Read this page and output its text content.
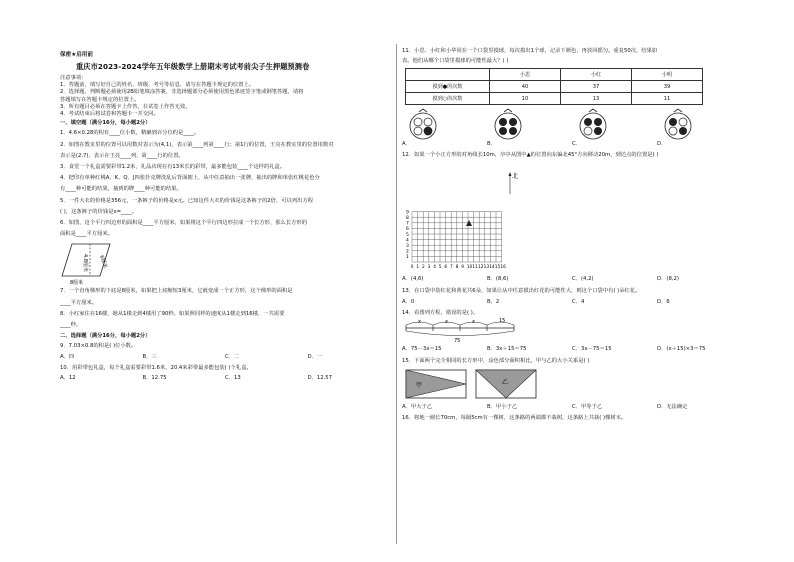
保密★启用前
重庆市2023-2024学年五年级数学上册期末考试考前尖子生押题预测卷
注意事项：
1．答题前，填写好自己的姓名、班级、考号等信息，请写在答题卡规定的位置上。
2．选择题、判断题必须使用2B铅笔填涂答案，非选择题部分必须使用黑色墨迹签字笔或钢笔答题，请将
答题填写在答题卡规定的位置上。
3．所有题目必须在答题卡上作答，在试卷上作答无效。
4．考试结束后将试卷和答题卡一并交回。
一、填空题（满分16分，每小题2分）
1．4.6×0.28的积有____位小数，精确到百分位约是____。
2．如图在教室里的位置可以用数对表示为(4,1)，表示第____列第____行；第1行的位置，王亮在教室里的位置用数对
表示是(2,7)，表示在王亮____列，第____行的位置。
3．食堂一个礼盒需要彩带1.2米，礼品店现在有13米长的彩带，最多能包装____个这样的礼盒。
4．把印有单种红桃A、K、Q、J四张扑克牌洗乱后背面朝上，从中任意抽出一张牌，抽出的牌和单张红桃花色分
有____种可能的结果，抽到的牌____种可能的结果。
5．一件大衣的价格是356元，一条裤子的价格是x元。已知这件大衣的价钱是这条裤子的2倍，可以列出方程
( )，这条裤子的价钱是x=____。
6．如图，这个平行四边形的面积是____平方厘米，如果将这个平行四边形拉成一个长方形，那么长方形的
面积是____平方厘米。
6厘米
4.8厘米
8厘米
7．一个直角梯形的下底是8厘米，如果把上底缩短3厘米，它就变成一个正方形，这个梯形的面积是
____平方厘米。
8．小红家住在16楼，她从1楼走到4楼用了90秒。如果照同样的速度从1楼走到16楼，一共需要
____秒。
二、选择题（满分16分，每小题2分）
9．7.03×0.8的积是( )位小数。
A．四	B．三	C．二	D．一
10．用彩带包礼盒，每个礼盒需要彩带1.6米，20.4米彩带最多能包装( )个礼盒。
A．12	B．12.75	C．13	D．12.57
11．小思、小红和小华同在一个口袋里摸球，每次摸出1个球，记录下颜色，再放回摇匀。重复50次，结果如
表。他们从哪个口袋里摸球的可能性最大？( )
	小思	小红	小明
摸到●的次数	40	37	39
摸到○的次数	10	13	11
A．	B．	C．	D．
12．如果一个小正方形的对角线长10m，亭亭从图中▲的位置向东偏北45°方向移动20m，到达点的位置是( )
9
8
7
6
5
4
3
2
1
0 1 2 3 4 5 6 7 8 9 10 11 12 13 14 15 16
北
A．(4,6)	B．(8,6)	C．(4,2)	D．(8,2)
13．在口袋中装红花和黄花共6朵，如果让从中任意摸出红花的可能性大，则这个口袋中有( )朵红花。
A．0	B．2	C．4	D．6
14．看图列方程，错误的是( )。
x	x	x	15
75
A．75－3x＝15	B．3x＋15＝75	C．3x－75＝15	D．(x＋15)×3＝75
15．下面两个完全相同的长方形中，涂色部分面积相比，甲与乙的大小关系是( )
甲	乙
A．甲大于乙	B．甲小于乙	C．甲等于乙	D．无法确定
16．将地一圈长70cm，每隔5cm有一棵树，这条路的两端都不栽树，这条路上共栽( )棵树木。
